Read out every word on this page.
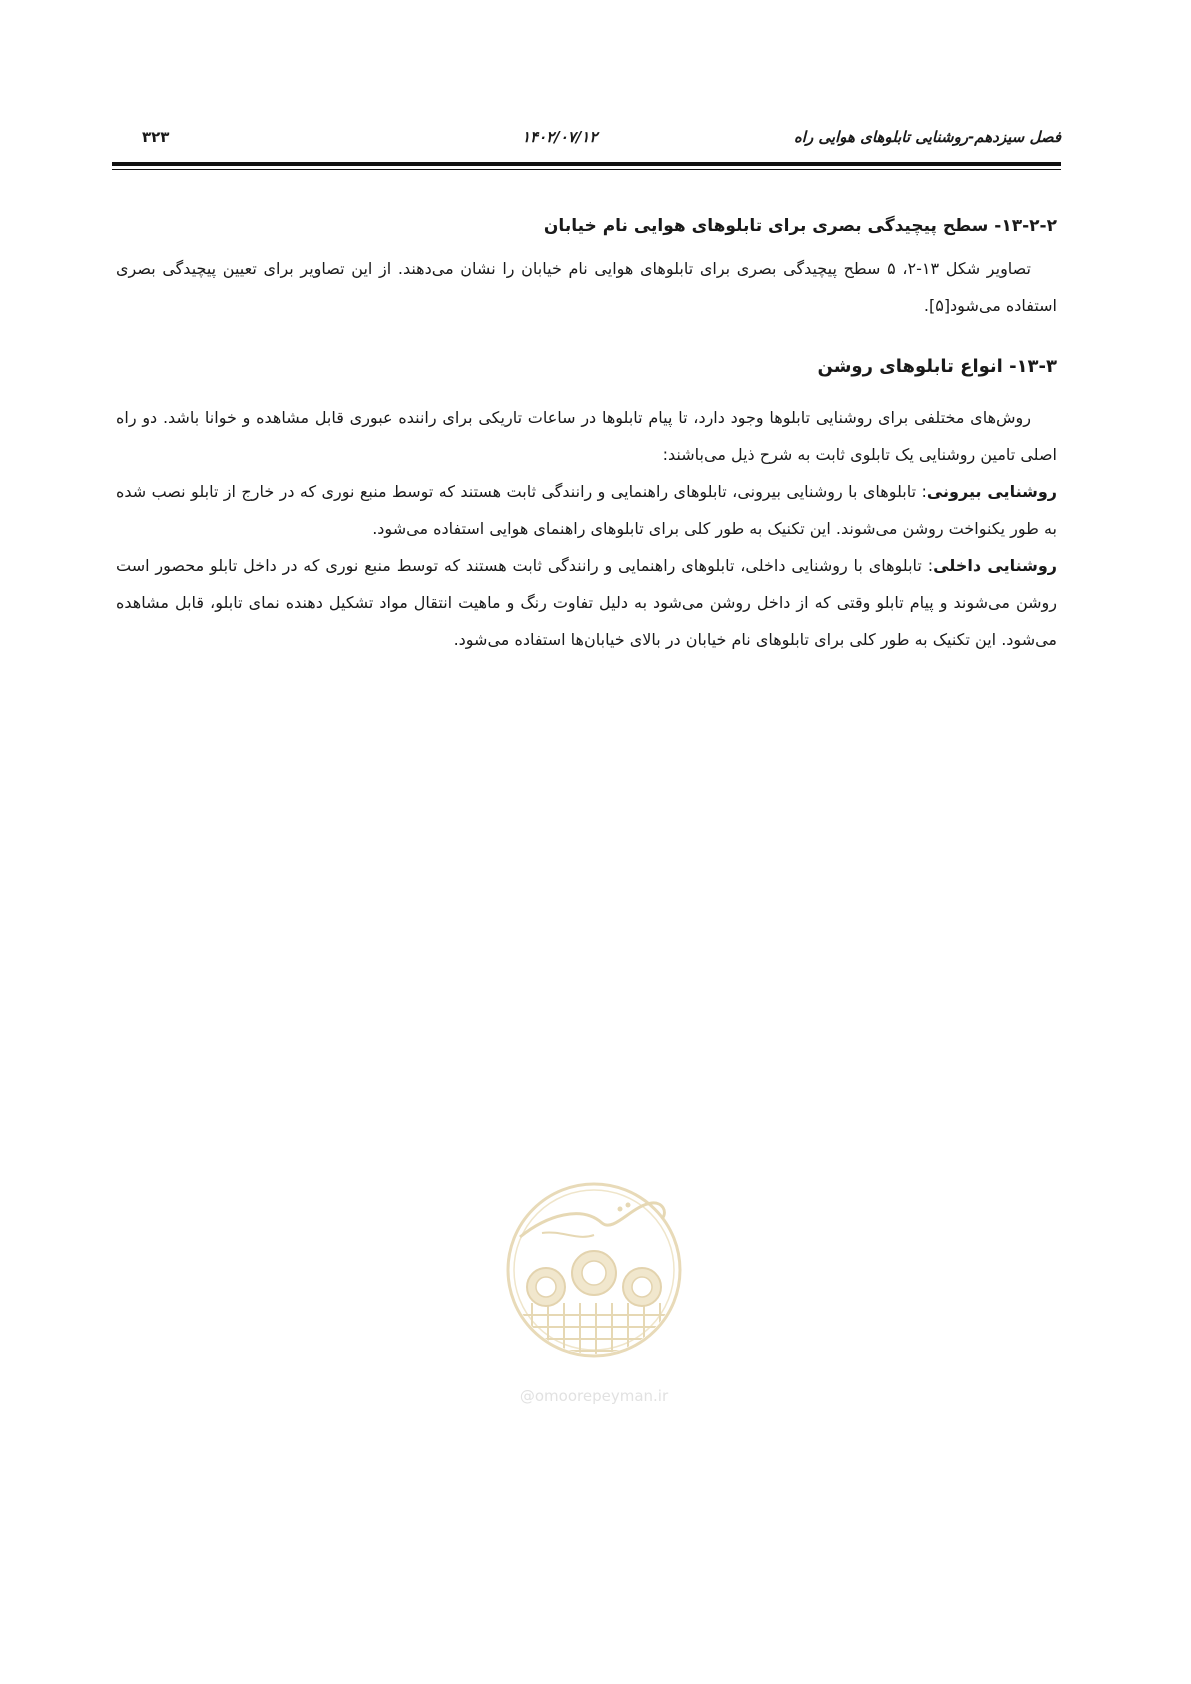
فصل سیزدهم-روشنایی تابلوهای هوایی راه
۱۴۰۲/۰۷/۱۲
۳۲۳
۱۳-۲-۲- سطح پیچیدگی بصری برای تابلوهای هوایی نام خیابان

تصاویر شکل ۱۳-۲، ۵ سطح پیچیدگی بصری برای تابلوهای هوایی نام خیابان را نشان می‌دهند. از این تصاویر برای تعیین پیچیدگی بصری استفاده می‌شود[۵].

۱۳-۳- انواع تابلوهای روشن

روش‌های مختلفی برای روشنایی تابلوها وجود دارد، تا پیام تابلوها در ساعات تاریکی برای راننده عبوری قابل مشاهده و خوانا باشد. دو راه اصلی تامین روشنایی یک تابلوی ثابت به شرح ذیل می‌باشند:

روشنایی بیرونی: تابلوهای با روشنایی بیرونی، تابلوهای راهنمایی و رانندگی ثابت هستند که توسط منبع نوری که در خارج از تابلو نصب شده به طور یکنواخت روشن می‌شوند. این تکنیک به طور کلی برای تابلوهای راهنمای هوایی استفاده می‌شود.

روشنایی داخلی: تابلوهای با روشنایی داخلی، تابلوهای راهنمایی و رانندگی ثابت هستند که توسط منبع نوری که در داخل تابلو محصور است روشن می‌شوند و پیام تابلو وقتی که از داخل روشن می‌شود به دلیل تفاوت رنگ و ماهیت انتقال مواد تشکیل دهنده نمای تابلو، قابل مشاهده می‌شود. این تکنیک به طور کلی برای تابلوهای نام خیابان در بالای خیابان‌ها استفاده می‌شود.

@omoorepeyman.ir
